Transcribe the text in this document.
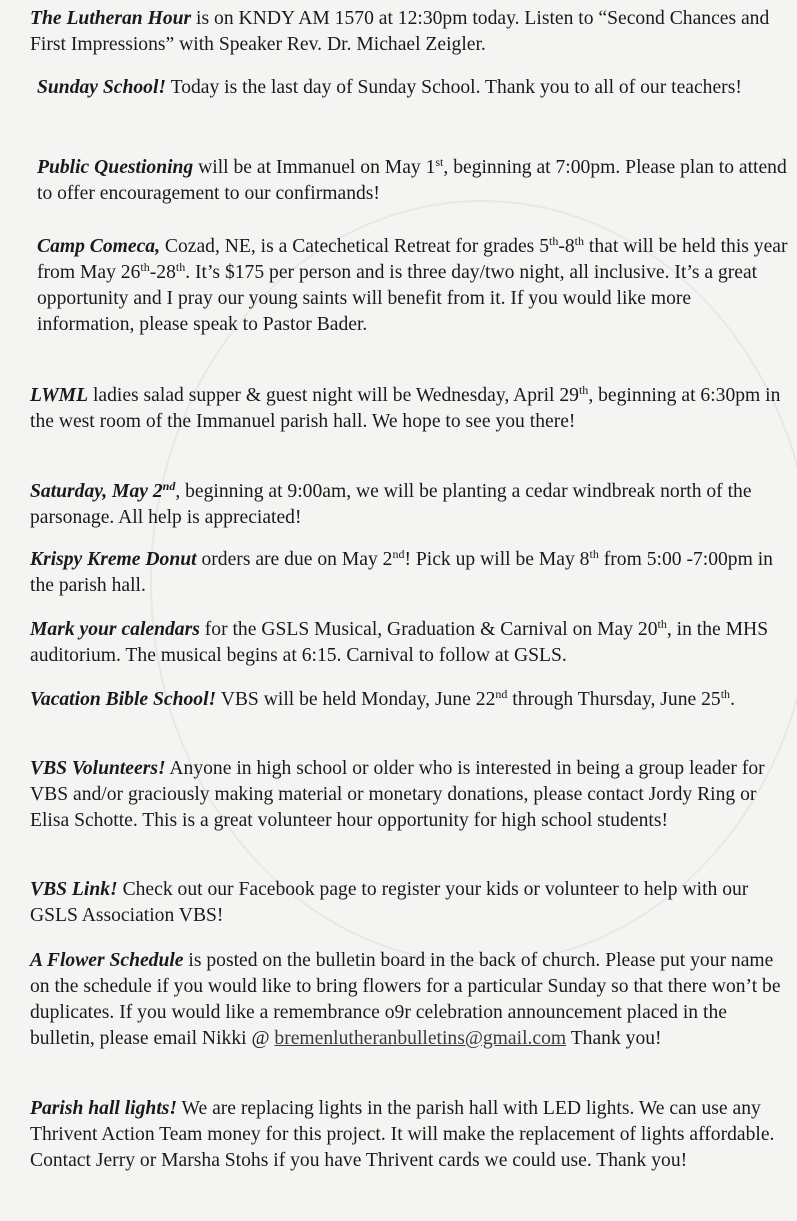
The Lutheran Hour is on KNDY AM 1570 at 12:30pm today. Listen to “Second Chances and First Impressions” with Speaker Rev. Dr. Michael Zeigler.

Sunday School! Today is the last day of Sunday School. Thank you to all of our teachers!

Public Questioning will be at Immanuel on May 1st, beginning at 7:00pm. Please plan to attend to offer encouragement to our confirmands!

Camp Comeca, Cozad, NE, is a Catechetical Retreat for grades 5th-8th that will be held this year from May 26th-28th. It’s $175 per person and is three day/two night, all inclusive. It’s a great opportunity and I pray our young saints will benefit from it. If you would like more information, please speak to Pastor Bader.

LWML ladies salad supper & guest night will be Wednesday, April 29th, beginning at 6:30pm in the west room of the Immanuel parish hall. We hope to see you there!

Saturday, May 2nd, beginning at 9:00am, we will be planting a cedar windbreak north of the parsonage. All help is appreciated!

Krispy Kreme Donut orders are due on May 2nd! Pick up will be May 8th from 5:00 -7:00pm in the parish hall.

Mark your calendars for the GSLS Musical, Graduation & Carnival on May 20th, in the MHS auditorium. The musical begins at 6:15. Carnival to follow at GSLS.

Vacation Bible School! VBS will be held Monday, June 22nd through Thursday, June 25th.

VBS Volunteers! Anyone in high school or older who is interested in being a group leader for VBS and/or graciously making material or monetary donations, please contact Jordy Ring or Elisa Schotte. This is a great volunteer hour opportunity for high school students!

VBS Link! Check out our Facebook page to register your kids or volunteer to help with our GSLS Association VBS!

A Flower Schedule is posted on the bulletin board in the back of church. Please put your name on the schedule if you would like to bring flowers for a particular Sunday so that there won’t be duplicates. If you would like a remembrance o9r celebration announcement placed in the bulletin, please email Nikki @ bremenlutheranbulletins@gmail.com Thank you!

Parish hall lights! We are replacing lights in the parish hall with LED lights. We can use any Thrivent Action Team money for this project. It will make the replacement of lights affordable. Contact Jerry or Marsha Stohs if you have Thrivent cards we could use. Thank you!
